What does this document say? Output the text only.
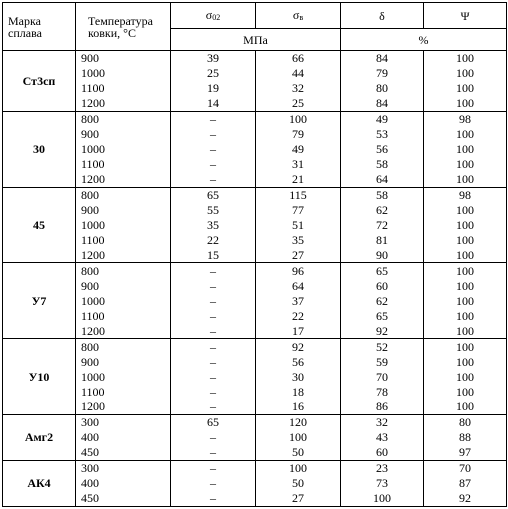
Марка сплава	Температура ковки, °С	$\sigma_{02}$	$\sigma_в$	δ	Ψ
		МПа		%	
Ст3сп	900	39	66	84	100
	1000	25	44	79	100
	1100	19	32	80	100
	1200	14	25	84	100
30	800	–	100	49	98
	900	–	79	53	100
	1000	–	49	56	100
	1100	–	31	58	100
	1200	–	21	64	100
45	800	65	115	58	98
	900	55	77	62	100
	1000	35	51	72	100
	1100	22	35	81	100
	1200	15	27	90	100
У7	800	–	96	65	100
	900	–	64	60	100
	1000	–	37	62	100
	1100	–	22	65	100
	1200	–	17	92	100
У10	800	–	92	52	100
	900	–	56	59	100
	1000	–	30	70	100
	1100	–	18	78	100
	1200	–	16	86	100
Амг2	300	65	120	32	80
	400	–	100	43	88
	450	–	50	60	97
АК4	300	–	100	23	70
	400	–	50	73	87
	450	–	27	100	92
